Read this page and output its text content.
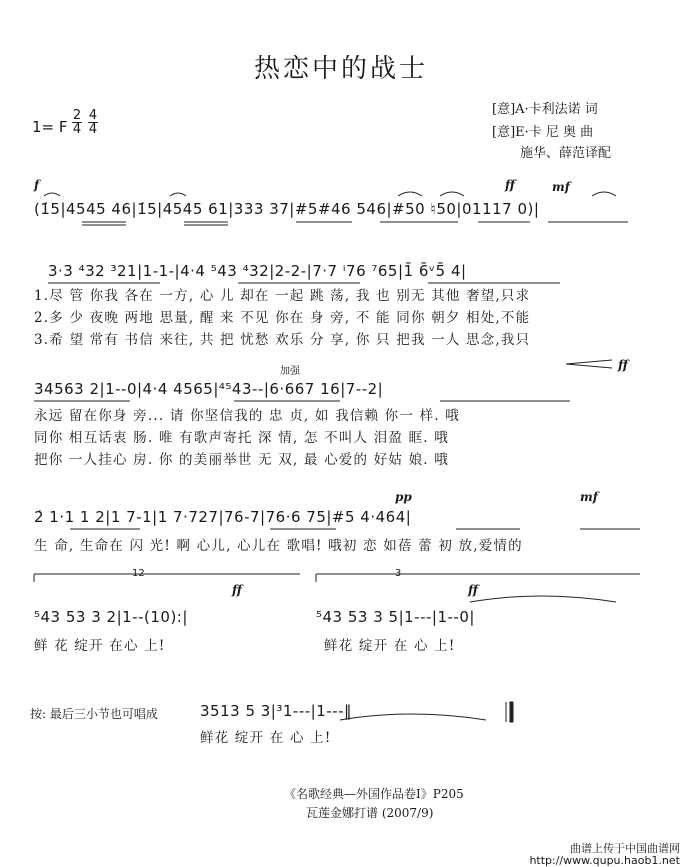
热恋中的战士
1= F
2
4
4
4
[意]A·卡利法诺 词
[意]E·卡 尼 奥 曲
施华、薛范译配
f	ff	mf
加强	ff
pp	mf
ff	ff
12	3
(1̇5|4545 46|1̇5|4545 61|333 37|#5#46 546|#50 ♮50|01117 0)|
3·3 ⁴32 ³21|1-1-|4·4 ⁵43 ⁴32|2-2-|7·7 ⁱ76 ⁷65|1̄ 6̄ᵛ5̄ 4|
34563 2|1--0|4·4 4565|⁴⁵43--|6·667 16|7--2|
2̇ 1·1 1 2|1 7-1|1 7·727|76-7|76·6 75|#5 4·464|
⁵43 53 3 2|1--(10):|	⁵43 53 3 5|1---|1--0|
3513 5 3|³1---|1---‖
1.尽 管 你我 各在 一方, 心 儿 却在 一起 跳 荡, 我 也 别无 其他 奢望,只求
2.多 少 夜晚 两地 思量, 醒 来 不见 你在 身 旁, 不 能 同你 朝夕 相处,不能
3.希 望 常有 书信 来往, 共 把 忧愁 欢乐 分 享, 你 只 把我 一人 思念,我只
永远 留在你身 旁... 请 你坚信我的 忠 贞, 如 我信赖 你一 样. 哦
同你 相互话衷 肠. 唯 有歌声寄托 深 情, 怎 不叫人 泪盈 眶. 哦
把你 一人挂心 房. 你 的美丽举世 无 双, 最 心爱的 好姑 娘. 哦
生 命, 生命在 闪 光! 啊 心儿, 心儿在 歌唱! 哦初 恋 如蓓 蕾 初 放,爱情的
鲜 花 绽开 在心 上!	鲜花 绽开 在 心 上!
鲜花 绽开 在 心 上!
按: 最后三小节也可唱成
《名歌经典—外国作品卷Ⅰ》P205
瓦莲金娜打谱 (2007/9)
曲谱上传于中国曲谱网
http://www.qupu.haob1.net
